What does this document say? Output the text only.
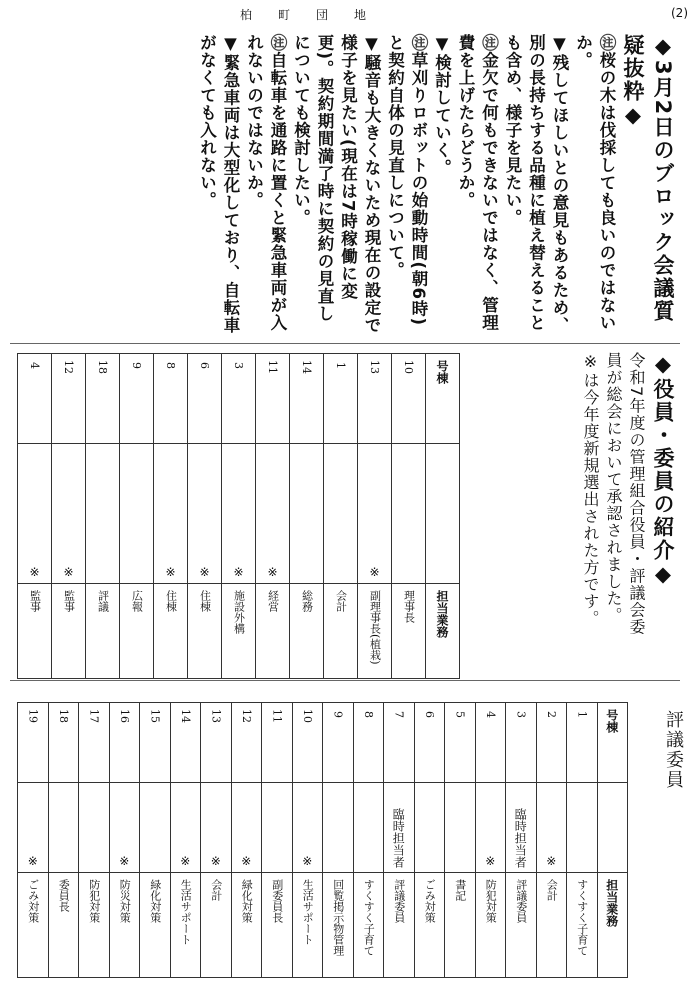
柏町団地	(2)

◆3月2日のブロック会議質疑抜粋◆

㊟桜の木は伐採しても良いのではないか。

▼残してほしいとの意見もあるため、別の長持ちする品種に植え替えることも含め、様子を見たい。

㊟金欠で何もできないではなく、管理費を上げたらどうか。

▼検討していく。

㊟草刈りロボットの始動時間(朝6時)と契約自体の見直しについて。

▼騒音も大きくないため現在の設定で様子を見たい(現在は7時稼働に変更)。契約期間満了時に契約の見直しについても検討したい。

㊟自転車を通路に置くと緊急車両が入れないのではないか。

▼緊急車両は大型化しており、自転車がなくても入れない。

◆役員・委員の紹介◆

令和7年度の管理組合役員・評議会委員が総会において承認されました。

※は今年度新規選出された方です。

4	12	18	9	8	6	3	11	14	1	13	10	号棟
※	※			※	※	※	※			※		
監事	監事	評議	広報	住棟	住棟	施設外構	経営	総務	会計	副理事長(植栽)	理事長	担当業務
評議委員
19	18	17	16	15	14	13	12	11	10	9	8	7	6	5	4	3	2	1	号棟
※			※		※	※	※		※			臨時担当者			※	臨時担当者	※		
ごみ対策	委員長	防犯対策	防災対策	緑化対策	生活サポート	会計	緑化対策	副委員長	生活サポート	回覧掲示物管理	すくすく子育て	評議委員	ごみ対策	書記	防犯対策	評議委員	会計	すくすく子育て	担当業務
